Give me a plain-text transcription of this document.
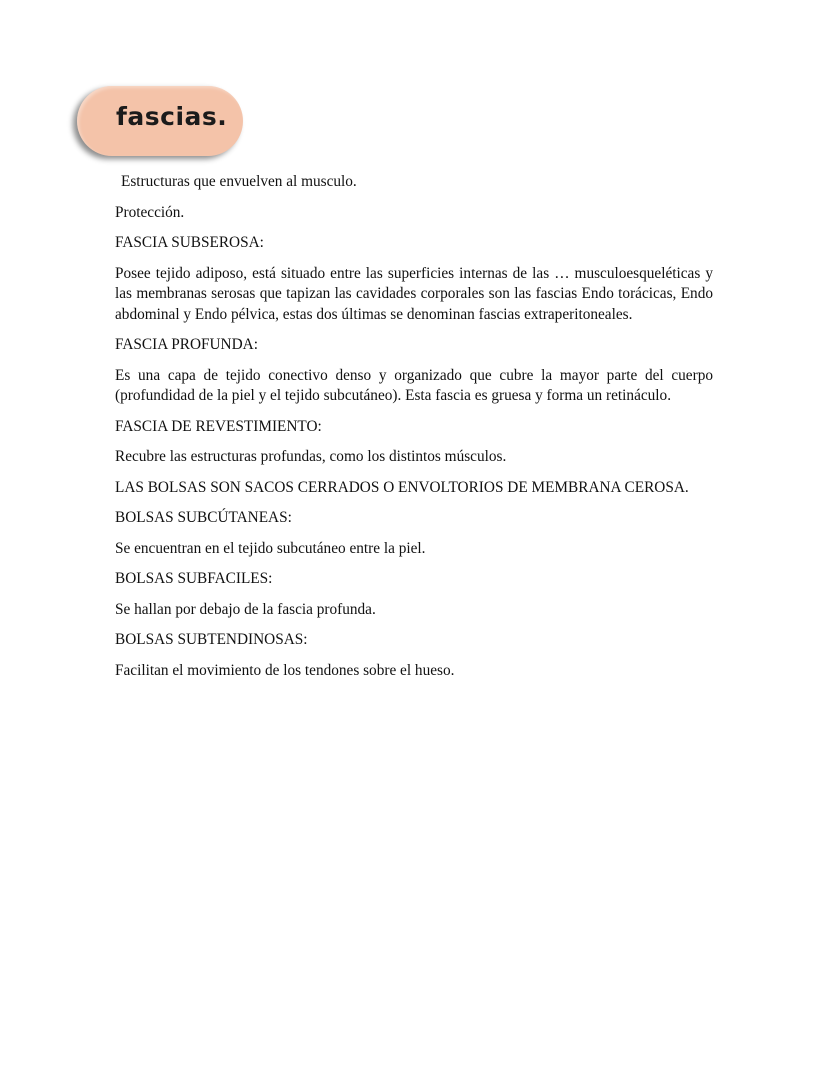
fascias.

Estructuras que envuelven al musculo.

Protección.

FASCIA SUBSEROSA:

Posee tejido adiposo, está situado entre las superficies internas de las … musculoesqueléticas y las membranas serosas que tapizan las cavidades corporales son las fascias Endo torácicas, Endo abdominal y Endo pélvica, estas dos últimas se denominan fascias extraperitoneales.

FASCIA PROFUNDA:

Es una capa de tejido conectivo denso y organizado que cubre la mayor parte del cuerpo (profundidad de la piel y el tejido subcutáneo). Esta fascia es gruesa y forma un retináculo.

FASCIA DE REVESTIMIENTO:

Recubre las estructuras profundas, como los distintos músculos.

LAS BOLSAS SON SACOS CERRADOS O ENVOLTORIOS DE MEMBRANA CEROSA.

BOLSAS SUBCÚTANEAS:

Se encuentran en el tejido subcutáneo entre la piel.

BOLSAS SUBFACILES:

Se hallan por debajo de la fascia profunda.

BOLSAS SUBTENDINOSAS:

Facilitan el movimiento de los tendones sobre el hueso.
